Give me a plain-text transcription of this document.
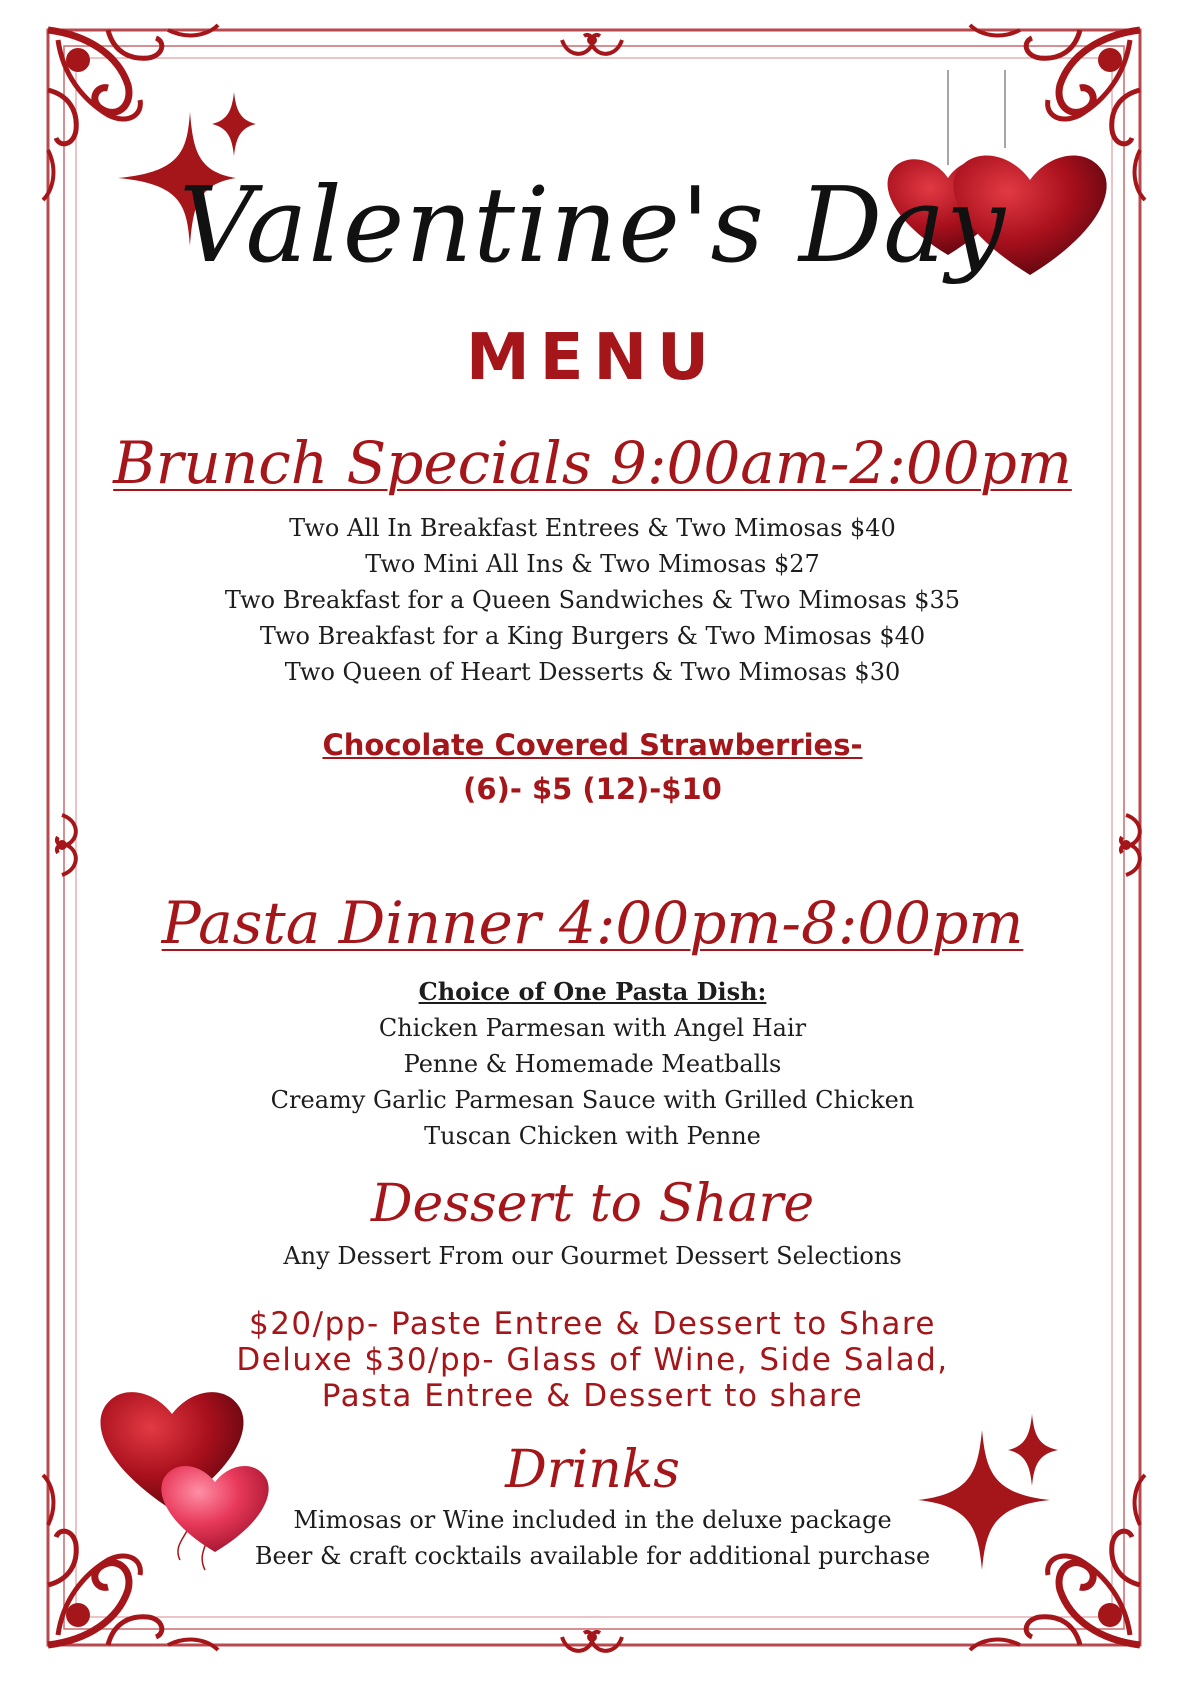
Valentine's Day
MENU
Brunch Specials 9:00am-2:00pm
Two All In Breakfast Entrees & Two Mimosas $40
Two Mini All Ins & Two Mimosas $27
Two Breakfast for a Queen Sandwiches & Two Mimosas $35
Two Breakfast for a King Burgers & Two Mimosas $40
Two Queen of Heart Desserts & Two Mimosas $30
Chocolate Covered Strawberries-
(6)- $5 (12)-$10
Pasta Dinner 4:00pm-8:00pm
Choice of One Pasta Dish:
Chicken Parmesan with Angel Hair
Penne & Homemade Meatballs
Creamy Garlic Parmesan Sauce with Grilled Chicken
Tuscan Chicken with Penne
Dessert to Share
Any Dessert From our Gourmet Dessert Selections
$20/pp- Paste Entree & Dessert to Share
Deluxe $30/pp- Glass of Wine, Side Salad,
Pasta Entree & Dessert to share
Drinks
Mimosas or Wine included in the deluxe package
Beer & craft cocktails available for additional purchase
